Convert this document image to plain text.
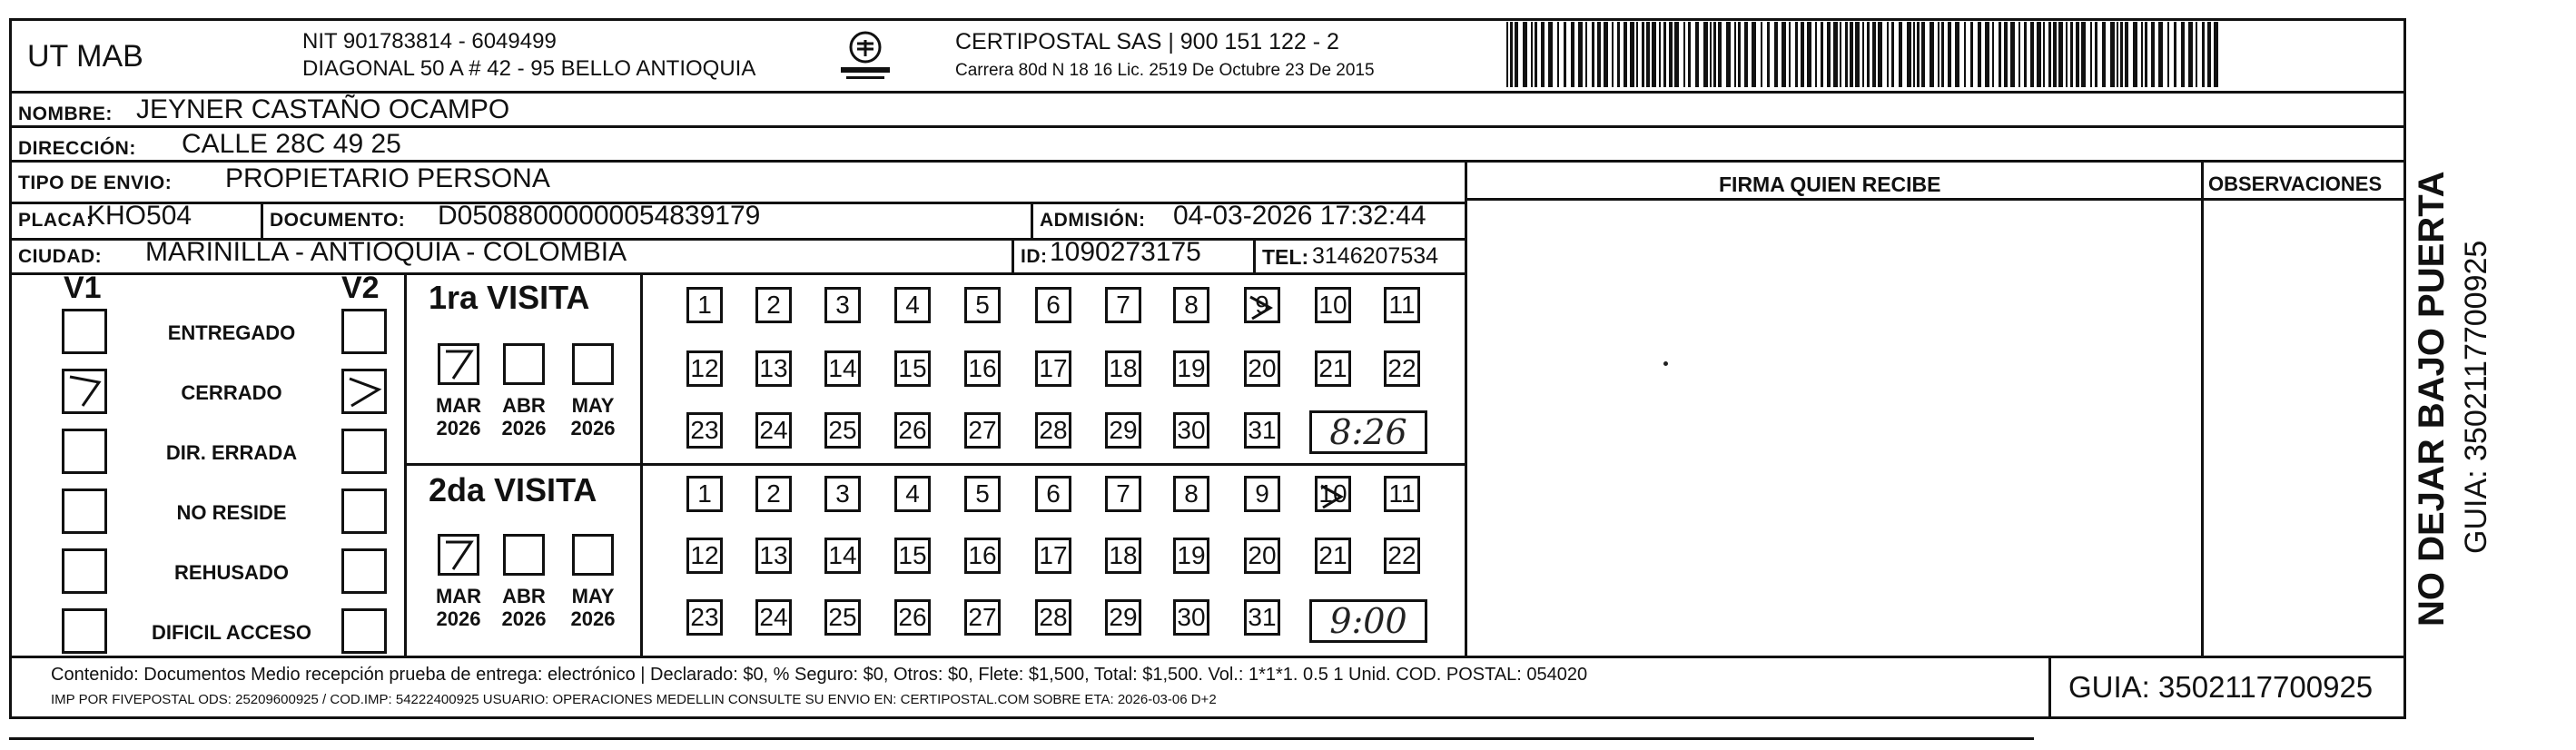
UT MAB	NIT 901783814 - 6049499
DIAGONAL 50 A # 42 - 95 BELLO ANTIOQUIA
CERTIPOSTAL SAS | 900 151 122 - 2
Carrera 80d N 18 16 Lic. 2519 De Octubre 23 De 2015
NOMBRE: JEYNER CASTAÑO OCAMPO
DIRECCIÓN: CALLE 28C 49 25
TIPO DE ENVIO: PROPIETARIO PERSONA
PLACA:
KHO504	DOCUMENTO: D05088000000054839179	ADMISIÓN: 04-03-2026 17:32:44
CIUDAD: MARINILLA - ANTIOQUIA - COLOMBIA	ID: 1090273175	TEL: 3146207534
FIRMA QUIEN RECIBE	OBSERVACIONES
V1	V2
ENTREGADO
CERRADO
DIR. ERRADA
NO RESIDE
REHUSADO
DIFICIL ACCESO
1ra VISITA
2da VISITA
MAR
2026
ABR
2026
MAY
2026
MAR
2026
ABR
2026
MAY
2026
1	2	3	4	5	6	7	8	9	10 11
12 13 14 15 16 17 18 19 20 21 22
23 24 25 26 27 28 29 30 31
1	2	3	4	5	6	7	8	9	10 11
12 13 14 15 16 17 18 19 20 21 22
23 24 25 26 27 28 29 30 31
8:26
9:00
Contenido: Documentos Medio recepción prueba de entrega: electrónico | Declarado: $0, % Seguro: $0, Otros: $0, Flete: $1,500, Total: $1,500. Vol.: 1*1*1. 0.5 1 Unid. COD. POSTAL: 054020
IMP POR FIVEPOSTAL ODS: 25209600925 / COD.IMP: 54222400925 USUARIO: OPERACIONES MEDELLIN CONSULTE SU ENVIO EN: CERTIPOSTAL.COM SOBRE ETA: 2026-03-06 D+2	GUIA: 3502117700925
NO DEJAR BAJO PUERTA GUIA: 3502117700925
